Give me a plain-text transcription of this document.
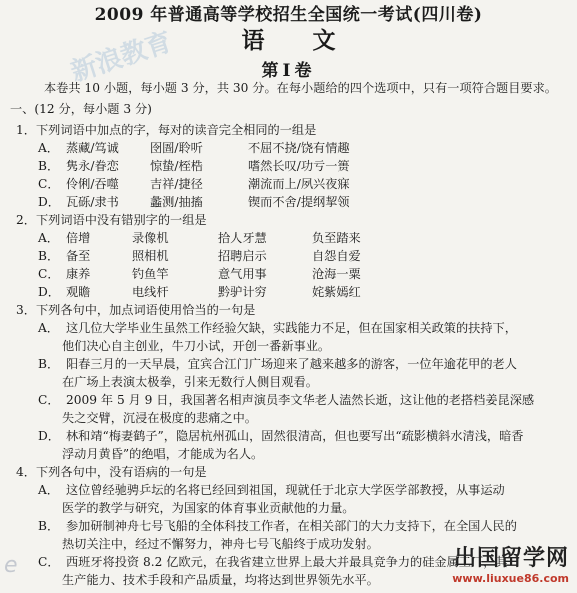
新浪教育
2009 年普通高等学校招生全国统一考试(四川卷)
语文
第Ⅰ卷
本卷共 10 小题，每小题 3 分，共 30 分。在每小题给的四个选项中，只有一项符合题目要求。
一、(12 分，每小题 3 分)
1．下列词语中加点的字，每对的读音完全相同的一组是
A． 蒸藏/笃诚	囹圄/聆听	不屈不挠/饶有情趣
B． 隽永/眷恋	惊蛰/桎梏	嗜然长叹/功亏一篑
C． 伶俐/吞噬	吉祥/捷径	潮流而上/夙兴夜寐
D． 瓦砾/隶书	蠡测/抽搐	锲而不舍/提纲挈领
2．下列词语中没有错别字的一组是
A． 倍增	录像机	拾人牙慧	负至踏来
B． 备至	照相机	招聘启示	自怨自爱
C． 康养	钓鱼竿	意气用事	沧海一粟
D． 观瞻	电线杆	黔驴计穷	姹紫嫣红
3．下列各句中，加点词语使用恰当的一句是
A． 这几位大学毕业生虽然工作经验欠缺，实践能力不足，但在国家相关政策的扶持下，
他们决心自主创业，牛刀小试，开创一番新事业。
B． 阳春三月的一天早晨，宜宾合江门广场迎来了越来越多的游客，一位年逾花甲的老人
在广场上表演太极拳，引来无数行人侧目观看。
C． 2009 年 5 月 9 日，我国著名相声演员李文华老人溘然长逝，这让他的老搭档姜昆深感
失之交臂，沉浸在极度的悲痛之中。
D． 林和靖“梅妻鹤子”，隐居杭州孤山，固然很清高，但也要写出“疏影横斜水清浅，暗香
浮动月黄昏”的绝唱，才能成为名人。
4．下列各句中，没有语病的一句是
A． 这位曾经驰骋乒坛的名将已经回到祖国，现就任于北京大学医学部教授，从事运动
医学的教学与研究，为国家的体育事业贡献他的力量。
B． 参加研制神舟七号飞船的全体科技工作者，在相关部门的大力支持下，在全国人民的
热切关注中，经过不懈努力，神舟七号飞船终于成功发射。
C． 西班牙将投资 8.2 亿欧元，在我省建立世界上最大并最具竞争力的硅金属工厂，其
生产能力、技术手段和产品质量，均将达到世界领先水平。
e	出国留学网
www.liuxue86.com
